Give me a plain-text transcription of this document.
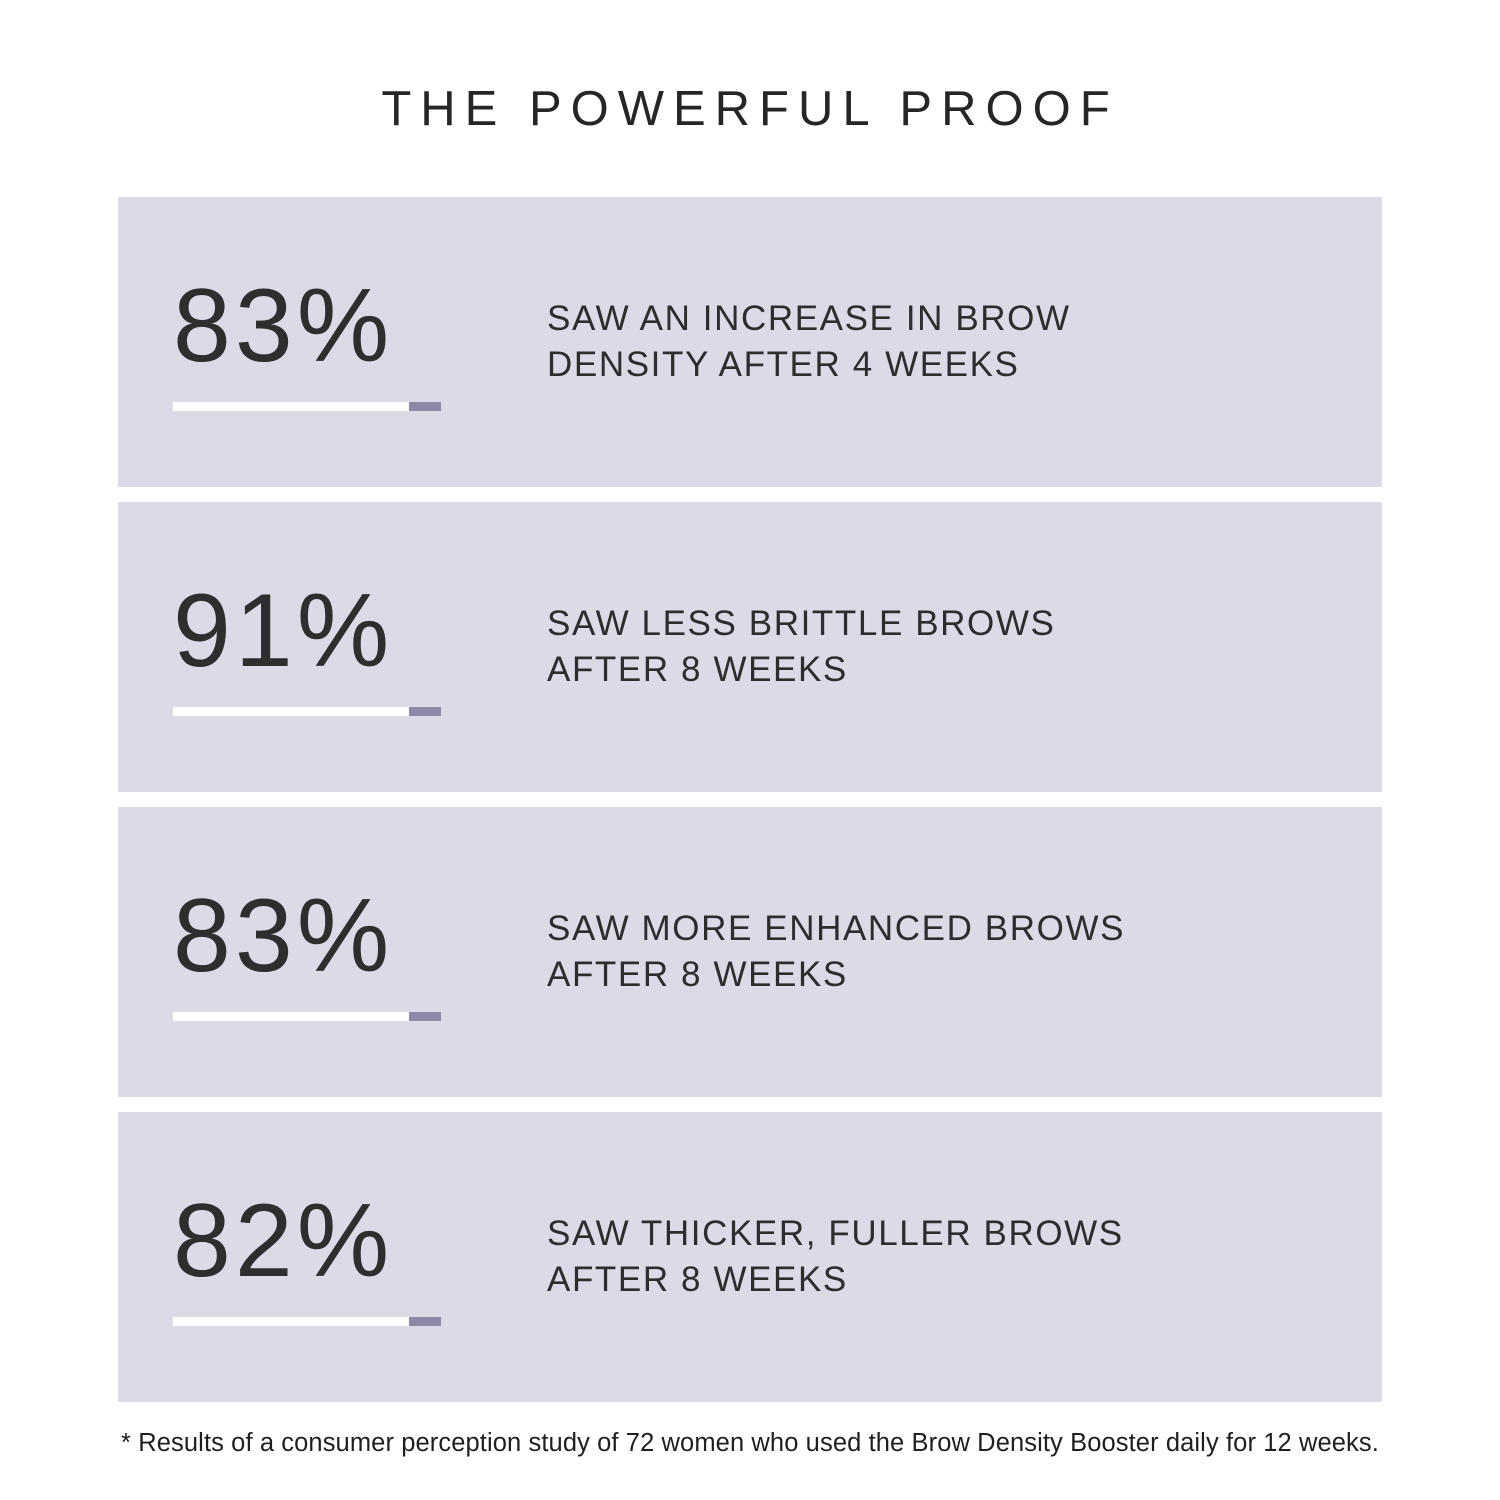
THE POWERFUL PROOF
83%	SAW AN INCREASE IN BROW
DENSITY AFTER 4 WEEKS
91%	SAW LESS BRITTLE BROWS
AFTER 8 WEEKS
83%	SAW MORE ENHANCED BROWS
AFTER 8 WEEKS
82%	SAW THICKER, FULLER BROWS
AFTER 8 WEEKS
* Results of a consumer perception study of 72 women who used the Brow Density Booster daily for 12 weeks.
